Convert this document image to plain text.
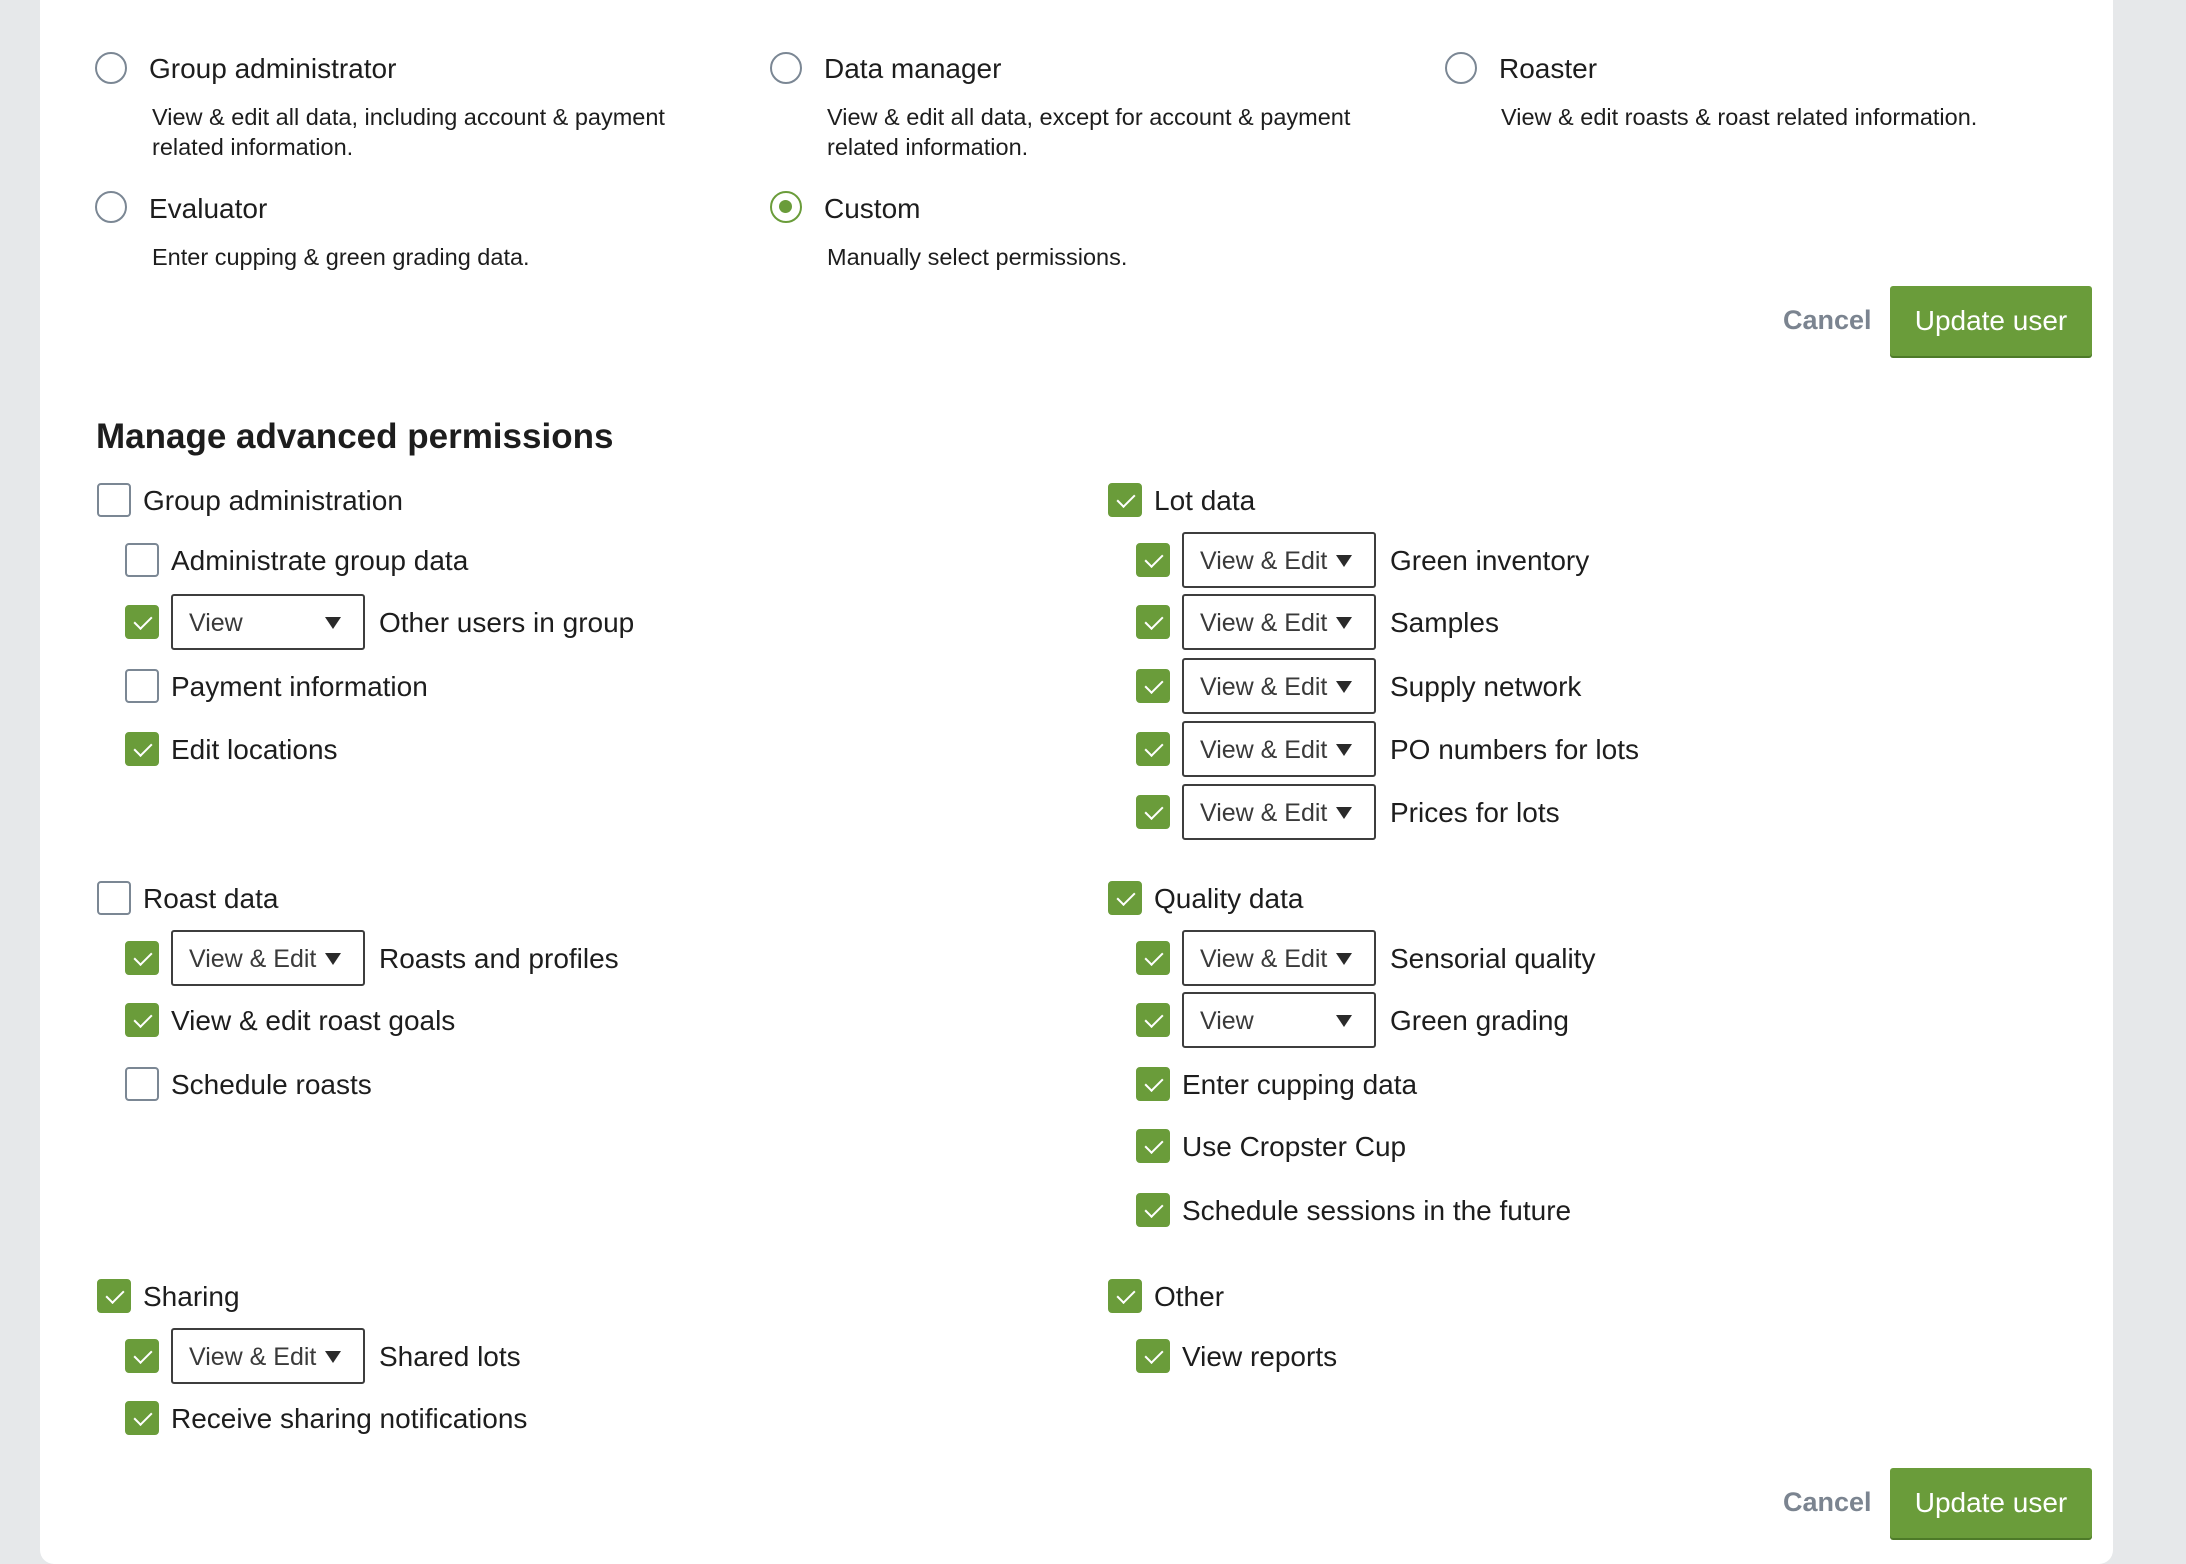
Group administrator
View & edit all data, including account & payment related information.
Data manager
View & edit all data, except for account & payment related information.
Roaster
View & edit roasts & roast related information.
Evaluator
Enter cupping & green grading data.
Custom
Manually select permissions.
Cancel	Update user
Manage advanced permissions
Group administration
Administrate group data
View	Other users in group
Payment information
Edit locations
Lot data
View & Edit Green inventory
View & Edit Samples
View & Edit Supply network
View & Edit PO numbers for lots
View & Edit Prices for lots
Roast data
View & Edit Roasts and profiles
View & edit roast goals
Schedule roasts
Quality data
View & Edit Sensorial quality
View	Green grading
Enter cupping data
Use Cropster Cup
Schedule sessions in the future
Sharing
View & Edit Shared lots
Receive sharing notifications
Other
View reports
Cancel	Update user
